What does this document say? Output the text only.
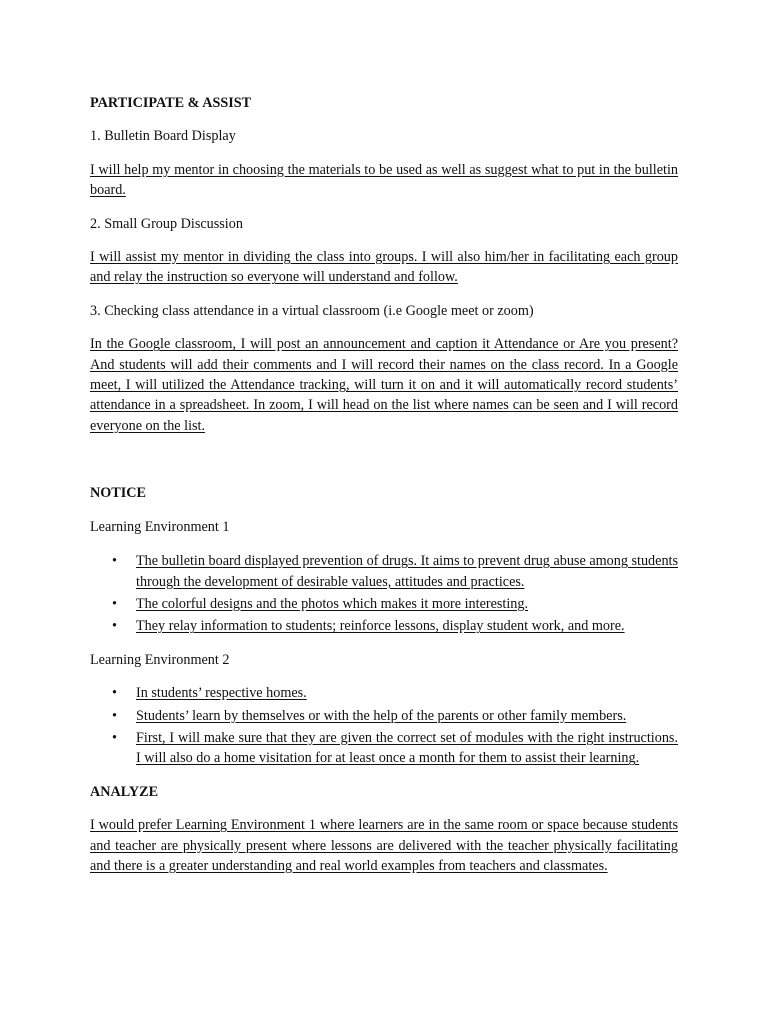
PARTICIPATE & ASSIST

1. Bulletin Board Display

I will help my mentor in choosing the materials to be used as well as suggest what to put in the bulletin board.

2. Small Group Discussion

I will assist my mentor in dividing the class into groups. I will also him/her in facilitating each group and relay the instruction so everyone will understand and follow.

3. Checking class attendance in a virtual classroom (i.e Google meet or zoom)

In the Google classroom, I will post an announcement and caption it Attendance or Are you present? And students will add their comments and I will record their names on the class record. In a Google meet, I will utilized the Attendance tracking, will turn it on and it will automatically record students’ attendance in a spreadsheet. In zoom, I will head on the list where names can be seen and I will record everyone on the list.

NOTICE

Learning Environment 1

• The bulletin board displayed prevention of drugs. It aims to prevent drug abuse among students through the development of desirable values, attitudes and practices.
• The colorful designs and the photos which makes it more interesting.
• They relay information to students; reinforce lessons, display student work, and more.

Learning Environment 2

• In students’ respective homes.
• Students’ learn by themselves or with the help of the parents or other family members.
• First, I will make sure that they are given the correct set of modules with the right instructions. I will also do a home visitation for at least once a month for them to assist their learning.

ANALYZE

I would prefer Learning Environment 1 where learners are in the same room or space because students and teacher are physically present where lessons are delivered with the teacher physically facilitating and there is a greater understanding and real world examples from teachers and classmates.
